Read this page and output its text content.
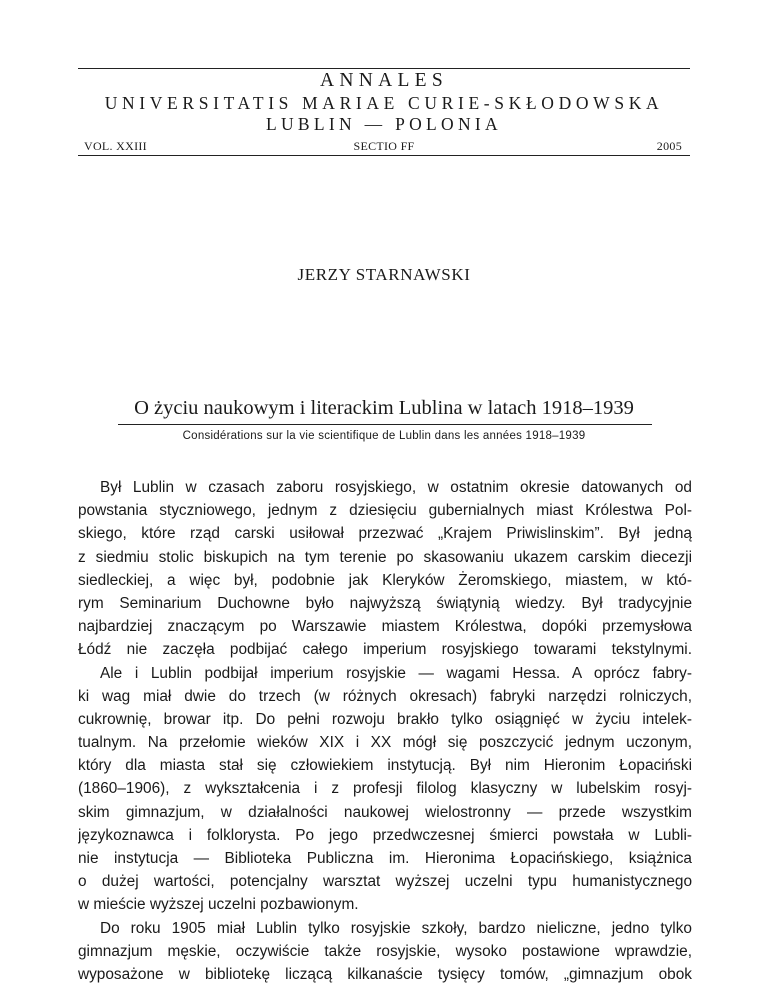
ANNALES
UNIVERSITATIS MARIAE CURIE-SKŁODOWSKA
LUBLIN — POLONIA
VOL. XXIII	SECTIO FF	2005
JERZY STARNAWSKI
O życiu naukowym i literackim Lublina w latach 1918–1939
Considérations sur la vie scientifique de Lublin dans les années 1918–1939
Był Lublin w czasach zaboru rosyjskiego, w ostatnim okresie datowanych od
powstania styczniowego, jednym z dziesięciu gubernialnych miast Królestwa Pol-
skiego, które rząd carski usiłował przezwać „Krajem Priwislinskim”. Był jedną
z siedmiu stolic biskupich na tym terenie po skasowaniu ukazem carskim diecezji
siedleckiej, a więc był, podobnie jak Kleryków Żeromskiego, miastem, w któ-
rym Seminarium Duchowne było najwyższą świątynią wiedzy. Był tradycyjnie
najbardziej znaczącym po Warszawie miastem Królestwa, dopóki przemysłowa
Łódź nie zaczęła podbijać całego imperium rosyjskiego towarami tekstylnymi.
Ale i Lublin podbijał imperium rosyjskie — wagami Hessa. A oprócz fabry-
ki wag miał dwie do trzech (w różnych okresach) fabryki narzędzi rolniczych,
cukrownię, browar itp. Do pełni rozwoju brakło tylko osiągnięć w życiu intelek-
tualnym. Na przełomie wieków XIX i XX mógł się poszczycić jednym uczonym,
który dla miasta stał się człowiekiem instytucją. Był nim Hieronim Łopaciński
(1860–1906), z wykształcenia i z profesji filolog klasyczny w lubelskim rosyj-
skim gimnazjum, w działalności naukowej wielostronny — przede wszystkim
językoznawca i folklorysta. Po jego przedwczesnej śmierci powstała w Lubli-
nie instytucja — Biblioteka Publiczna im. Hieronima Łopacińskiego, książnica
o dużej wartości, potencjalny warsztat wyższej uczelni typu humanistycznego
w mieście wyższej uczelni pozbawionym.
Do roku 1905 miał Lublin tylko rosyjskie szkoły, bardzo nieliczne, jedno tylko
gimnazjum męskie, oczywiście także rosyjskie, wysoko postawione wprawdzie,
wyposażone w bibliotekę liczącą kilkanaście tysięcy tomów, „gimnazjum obok
